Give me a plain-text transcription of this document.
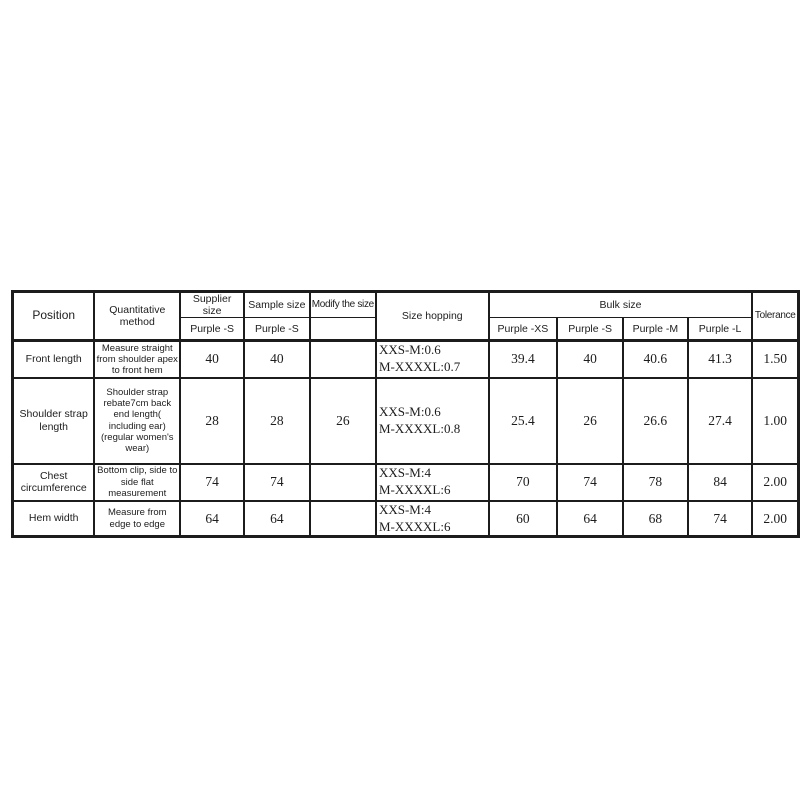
Position	Quantitative method	Supplier size	Sample size	Modify the size	Size hopping	Bulk size				Tolerance
		Purple -S	Purple -S			Purple -XS	Purple -S	Purple -M	Purple -L	
Front length	Measure straight from shoulder apex to front hem	40	40		XXS-M:0.6
M-XXXXL:0.7	39.4	40	40.6	41.3	1.50
Shoulder strap length	Shoulder strap rebate7cm back end length( including ear) (regular women's wear)	28	28	26	XXS-M:0.6
M-XXXXL:0.8	25.4	26	26.6	27.4	1.00
Chest circumference	Bottom clip, side to side flat measurement	74	74		XXS-M:4
M-XXXXL:6	70	74	78	84	2.00
Hem width	Measure from edge to edge	64	64		XXS-M:4
M-XXXXL:6	60	64	68	74	2.00
